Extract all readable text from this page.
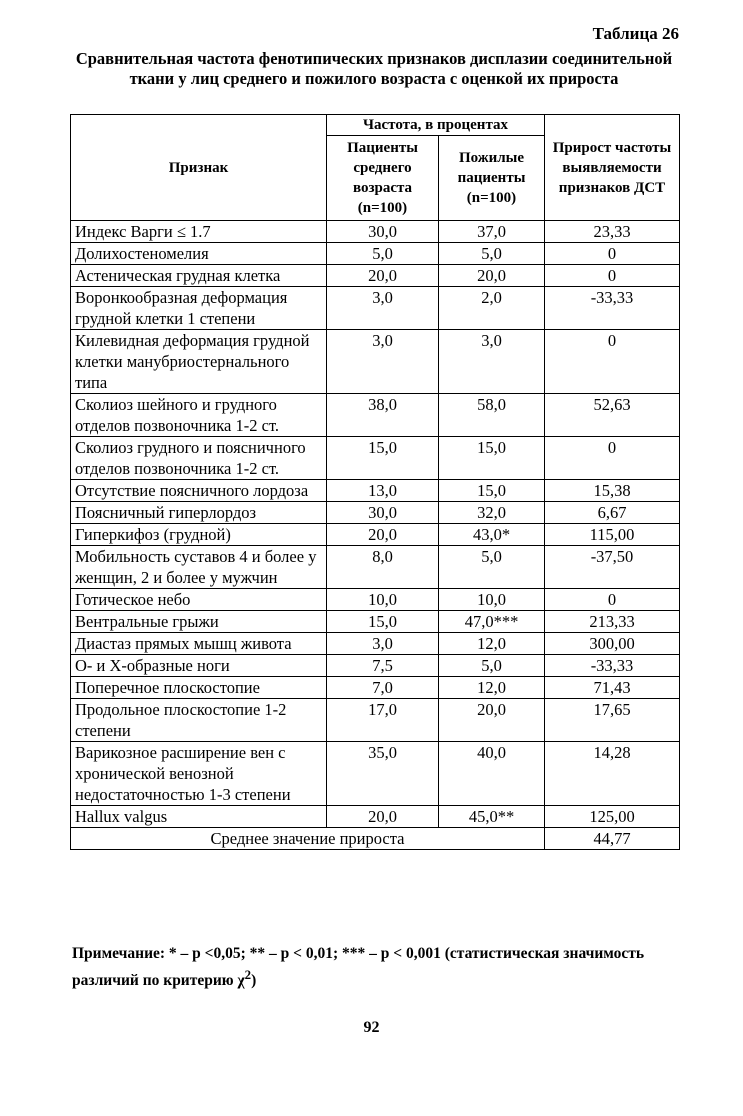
Таблица 26
Сравнительная частота фенотипических признаков дисплазии соединительной ткани у лиц среднего и пожилого возраста с оценкой их прироста
Признак	Частота, в процентах		Прирост частоты выявляемости признаков ДСТ
	Пациенты среднего возраста (n=100)	Пожилые пациенты (n=100)	
Индекс Варги ≤ 1.7	30,0	37,0	23,33
Долихостеномелия	5,0	5,0	0
Астеническая грудная клетка	20,0	20,0	0
Воронкообразная деформация грудной клетки 1 степени	3,0	2,0	-33,33
Килевидная деформация грудной клетки манубриостернального типа	3,0	3,0	0
Сколиоз шейного и грудного отделов позвоночника 1-2 ст.	38,0	58,0	52,63
Сколиоз грудного и поясничного отделов позвоночника 1-2 ст.	15,0	15,0	0
Отсутствие поясничного лордоза	13,0	15,0	15,38
Поясничный гиперлордоз	30,0	32,0	6,67
Гиперкифоз (грудной)	20,0	43,0*	115,00
Мобильность суставов 4 и более у женщин, 2 и более у мужчин	8,0	5,0	-37,50
Готическое небо	10,0	10,0	0
Вентральные грыжи	15,0	47,0***	213,33
Диастаз прямых мышц живота	3,0	12,0	300,00
О- и Х-образные ноги	7,5	5,0	-33,33
Поперечное плоскостопие	7,0	12,0	71,43
Продольное плоскостопие 1-2 степени	17,0	20,0	17,65
Варикозное расширение вен с хронической венозной недостаточностью 1-3 степени	35,0	40,0	14,28
Hallux valgus	20,0	45,0**	125,00
Среднее значение прироста			44,77
Примечание: * – p <0,05; ** – p < 0,01; *** – p < 0,001 (статистическая значимость различий по критерию $\chi^2$)
92
